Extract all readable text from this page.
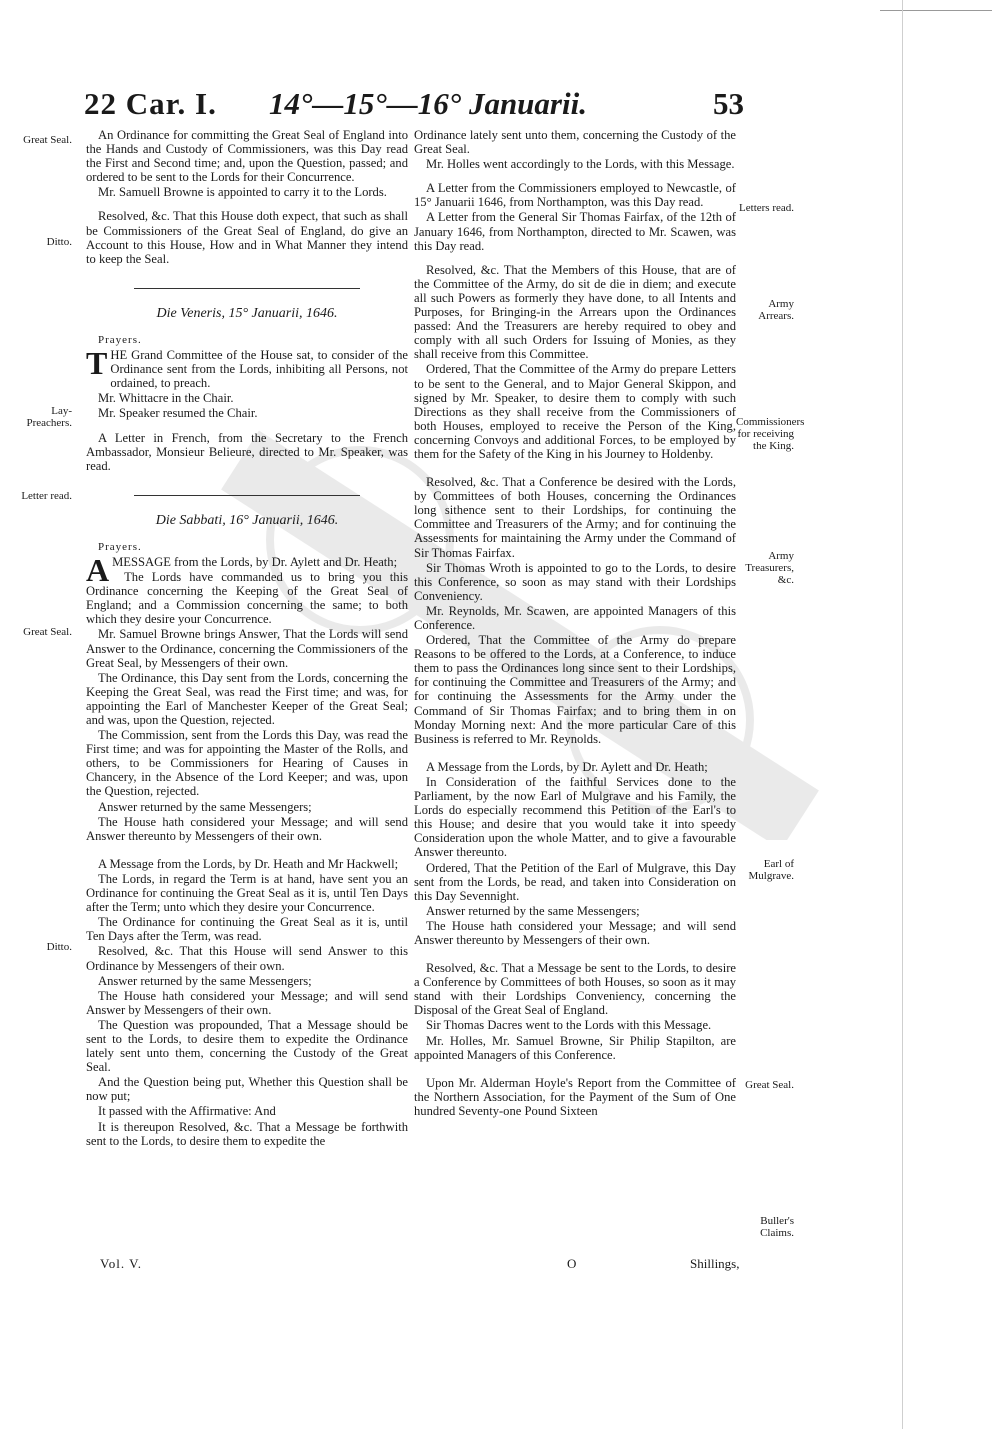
22 Car. I. 14°—15°—16° Januarii.	53
Great Seal.
Ditto.
Lay-Preachers.
Letter read.
Great Seal.
Ditto.
Letters read.
Army Arrears.
Commissioners for receiving the King.
Army Treasurers, &c.
Earl of Mulgrave.
Great Seal.
Buller's Claims.

An Ordinance for committing the Great Seal of England into the Hands and Custody of Commissioners, was this Day read the First and Second time; and, upon the Question, passed; and ordered to be sent to the Lords for their Concurrence.

Mr. Samuell Browne is appointed to carry it to the Lords.

Resolved, &c. That this House doth expect, that such as shall be Commissioners of the Great Seal of England, do give an Account to this House, How and in What Manner they intend to keep the Seal.

Die Veneris, 15° Januarii, 1646.
Prayers.

THE Grand Committee of the House sat, to consider of the Ordinance sent from the Lords, inhibiting all Persons, not ordained, to preach.

Mr. Whittacre in the Chair.

Mr. Speaker resumed the Chair.

A Letter in French, from the Secretary to the French Ambassador, Monsieur Belieure, directed to Mr. Speaker, was read.

Die Sabbati, 16° Januarii, 1646.
Prayers.

AMESSAGE from the Lords, by Dr. Aylett and Dr. Heath;

The Lords have commanded us to bring you this Ordinance concerning the Keeping of the Great Seal of England; and a Commission concerning the same; to both which they desire your Concurrence.

Mr. Samuel Browne brings Answer, That the Lords will send Answer to the Ordinance, concerning the Commissioners of the Great Seal, by Messengers of their own.

The Ordinance, this Day sent from the Lords, concerning the Keeping the Great Seal, was read the First time; and was, for appointing the Earl of Manchester Keeper of the Great Seal; and was, upon the Question, rejected.

The Commission, sent from the Lords this Day, was read the First time; and was for appointing the Master of the Rolls, and others, to be Commissioners for Hearing of Causes in Chancery, in the Absence of the Lord Keeper; and was, upon the Question, rejected.

Answer returned by the same Messengers;

The House hath considered your Message; and will send Answer thereunto by Messengers of their own.

A Message from the Lords, by Dr. Heath and Mr Hackwell;

The Lords, in regard the Term is at hand, have sent you an Ordinance for continuing the Great Seal as it is, until Ten Days after the Term; unto which they desire your Concurrence.

The Ordinance for continuing the Great Seal as it is, until Ten Days after the Term, was read.

Resolved, &c. That this House will send Answer to this Ordinance by Messengers of their own.

Answer returned by the same Messengers;

The House hath considered your Message; and will send Answer by Messengers of their own.

The Question was propounded, That a Message should be sent to the Lords, to desire them to expedite the Ordinance lately sent unto them, concerning the Custody of the Great Seal.

And the Question being put, Whether this Question shall be now put;

It passed with the Affirmative: And

It is thereupon Resolved, &c. That a Message be forthwith sent to the Lords, to desire them to expedite the

Ordinance lately sent unto them, concerning the Custody of the Great Seal.

Mr. Holles went accordingly to the Lords, with this Message.

A Letter from the Commissioners employed to Newcastle, of 15° Januarii 1646, from Northampton, was this Day read.

A Letter from the General Sir Thomas Fairfax, of the 12th of January 1646, from Northampton, directed to Mr. Scawen, was this Day read.

Resolved, &c. That the Members of this House, that are of the Committee of the Army, do sit de die in diem; and execute all such Powers as formerly they have done, to all Intents and Purposes, for Bringing-in the Arrears upon the Ordinances passed: And the Treasurers are hereby required to obey and comply with all such Orders for Issuing of Monies, as they shall receive from this Committee.

Ordered, That the Committee of the Army do prepare Letters to be sent to the General, and to Major General Skippon, and signed by Mr. Speaker, to desire them to comply with such Directions as they shall receive from the Commissioners of both Houses, employed to receive the Person of the King, concerning Convoys and additional Forces, to be employed by them for the Safety of the King in his Journey to Holdenby.

Resolved, &c. That a Conference be desired with the Lords, by Committees of both Houses, concerning the Ordinances long sithence sent to their Lordships, for continuing the Committee and Treasurers of the Army; and for continuing the Assessments for maintaining the Army under the Command of Sir Thomas Fairfax.

Sir Thomas Wroth is appointed to go to the Lords, to desire this Conference, so soon as may stand with their Lordships Conveniency.

Mr. Reynolds, Mr. Scawen, are appointed Managers of this Conference.

Ordered, That the Committee of the Army do prepare Reasons to be offered to the Lords, at a Conference, to induce them to pass the Ordinances long since sent to their Lordships, for continuing the Committee and Treasurers of the Army; and for continuing the Assessments for the Army under the Command of Sir Thomas Fairfax; and to bring them in on Monday Morning next: And the more particular Care of this Business is referred to Mr. Reynolds.

A Message from the Lords, by Dr. Aylett and Dr. Heath;

In Consideration of the faithful Services done to the Parliament, by the now Earl of Mulgrave and his Family, the Lords do especially recommend this Petition of the Earl's to this House; and desire that you would take it into speedy Consideration upon the whole Matter, and to give a favourable Answer thereunto.

Ordered, That the Petition of the Earl of Mulgrave, this Day sent from the Lords, be read, and taken into Consideration on this Day Sevennight.

Answer returned by the same Messengers;

The House hath considered your Message; and will send Answer thereunto by Messengers of their own.

Resolved, &c. That a Message be sent to the Lords, to desire a Conference by Committees of both Houses, so soon as it may stand with their Lordships Conveniency, concerning the Disposal of the Great Seal of England.

Sir Thomas Dacres went to the Lords with this Message.

Mr. Holles, Mr. Samuel Browne, Sir Philip Stapilton, are appointed Managers of this Conference.

Upon Mr. Alderman Hoyle's Report from the Committee of the Northern Association, for the Payment of the Sum of One hundred Seventy-one Pound Sixteen

Vol. V.	O	Shillings,
